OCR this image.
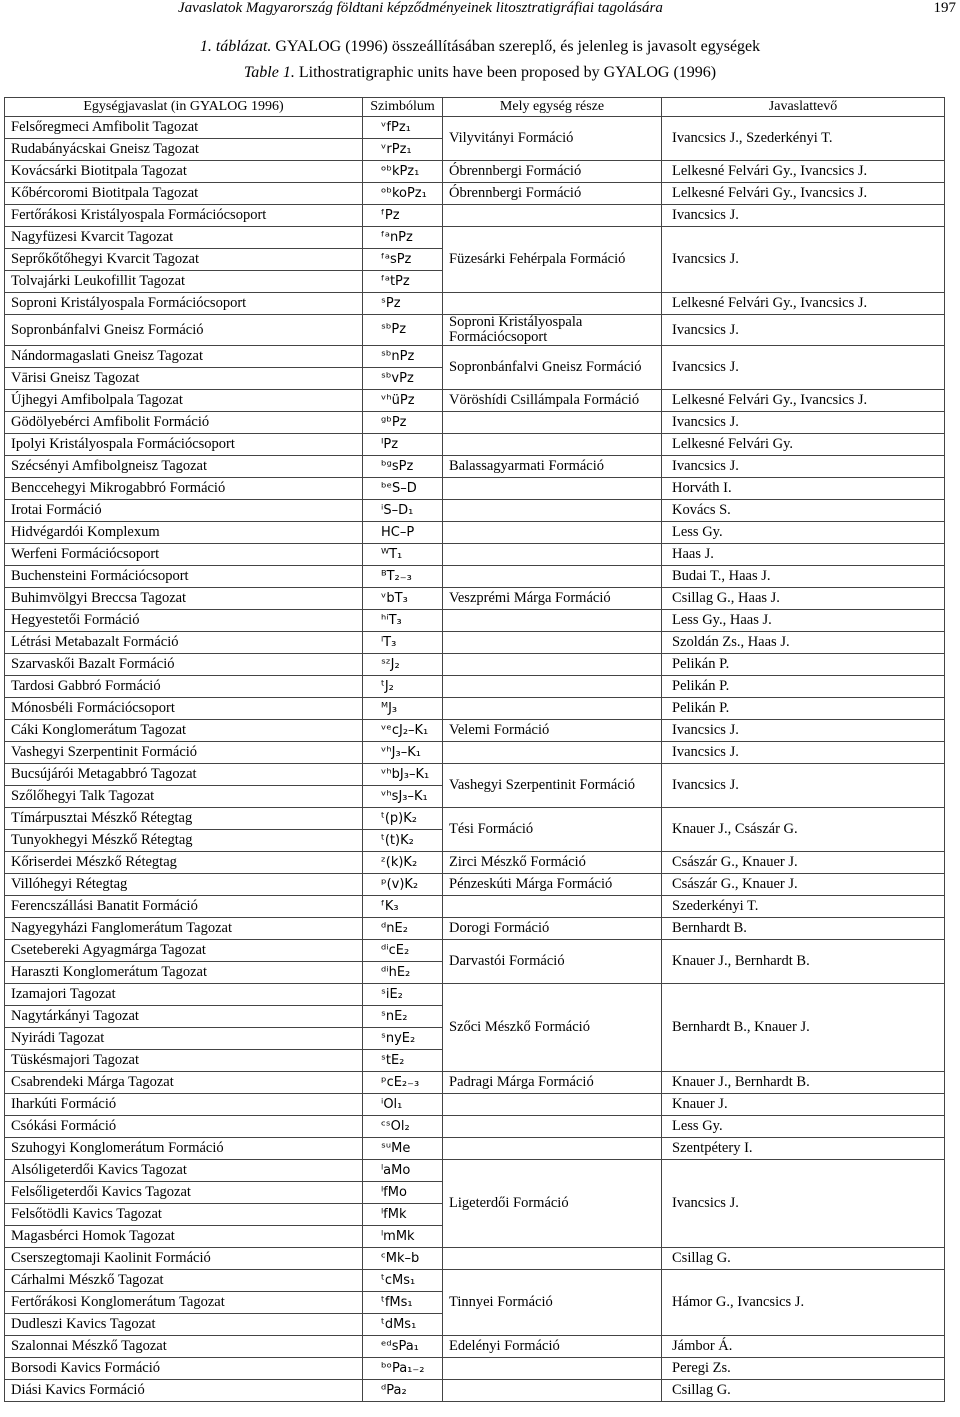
Javaslatok Magyarország földtani képződményeinek litosztratigráfiai tagolására	197
1. táblázat. GYALOG (1996) összeállításában szereplő, és jelenleg is javasolt egységek
Table 1. Lithostratigraphic units have been proposed by GYALOG (1996)
Egységjavaslat (in GYALOG 1996)	Szimbólum	Mely egység része	Javaslattevő
Felsőregmeci Amfibolit Tagozat	ᵛfPz₁	Vilyvitányi Formáció	Ivancsics J., Szederkényi T.
Rudabányácskai Gneisz Tagozat	ᵛrPz₁		
Kovácsárki Biotitpala Tagozat	ᵒᵇkPz₁	Óbrennbergi Formáció	Lelkesné Felvári Gy., Ivancsics J.
Kőbércoromi Biotitpala Tagozat	ᵒᵇkoPz₁	Óbrennbergi Formáció	Lelkesné Felvári Gy., Ivancsics J.
Fertőrákosi Kristályospala Formációcsoport	ᶠPz		Ivancsics J.
Nagyfüzesi Kvarcit Tagozat	ᶠᵃnPz	Füzesárki Fehérpala Formáció	Ivancsics J.
Seprőkőtőhegyi Kvarcit Tagozat	ᶠᵃsPz		
Tolvajárki Leukofillit Tagozat	ᶠᵃtPz		
Soproni Kristályospala Formációcsoport	ˢPz		Lelkesné Felvári Gy., Ivancsics J.
Sopronbánfalvi Gneisz Formáció	ˢᵇPz	Soproni Kristályospala Formációcsoport	Ivancsics J.
Nándormagaslati Gneisz Tagozat	ˢᵇnPz	Sopronbánfalvi Gneisz Formáció	Ivancsics J.
Vārisi Gneisz Tagozat	ˢᵇvPz		
Újhegyi Amfibolpala Tagozat	ᵛʰüPz	Vöröshídi Csillámpala Formáció	Lelkesné Felvári Gy., Ivancsics J.
Gödölyebérci Amfibolit Formáció	ᵍᵇPz		Ivancsics J.
Ipolyi Kristályospala Formációcsoport	ᴵPz		Lelkesné Felvári Gy.
Szécsényi Amfibolgneisz Tagozat	ᵇᵍsPz	Balassagyarmati Formáció	Ivancsics J.
Benccehegyi Mikrogabbró Formáció	ᵇᵉS–D		Horváth I.
Irotai Formáció	ⁱS–D₁		Kovács S.
Hidvégardói Komplexum	HC–P		Less Gy.
Werfeni Formációcsoport	ᵂT₁		Haas J.
Buchensteini Formációcsoport	ᴮT₂₋₃		Budai T., Haas J.
Buhimvölgyi Breccsa Tagozat	ᵛbT₃	Veszprémi Márga Formáció	Csillag G., Haas J.
Hegyestetői Formáció	ʰⁱT₃		Less Gy., Haas J.
Létrási Metabazalt Formáció	ˡT₃		Szoldán Zs., Haas J.
Szarvaskői Bazalt Formáció	ˢᶻJ₂		Pelikán P.
Tardosi Gabbró Formáció	ᵗJ₂		Pelikán P.
Mónosbéli Formációcsoport	ᴹJ₃		Pelikán P.
Cáki Konglomerátum Tagozat	ᵛᵉcJ₂–K₁	Velemi Formáció	Ivancsics J.
Vashegyi Szerpentinit Formáció	ᵛʰJ₃–K₁		Ivancsics J.
Bucsújárói Metagabbró Tagozat	ᵛʰbJ₃–K₁	Vashegyi Szerpentinit Formáció	Ivancsics J.
Szőlőhegyi Talk Tagozat	ᵛʰsJ₃–K₁		
Tímárpusztai Mészkő Rétegtag	ᵗ(p)K₂	Tési Formáció	Knauer J., Császár G.
Tunyokhegyi Mészkő Rétegtag	ᵗ(t)K₂		
Kőriserdei Mészkő Rétegtag	ᶻ(k)K₂	Zirci Mészkő Formáció	Császár G., Knauer J.
Villóhegyi Rétegtag	ᵖ(v)K₂	Pénzeskúti Márga Formáció	Császár G., Knauer J.
Ferencszállási Banatit Formáció	ᶠK₃		Szederkényi T.
Nagyegyházi Fanglomerátum Tagozat	ᵈnE₂	Dorogi Formáció	Bernhardt B.
Csetebereki Agyagmárga Tagozat	ᵈⁱcE₂	Darvastói Formáció	Knauer J., Bernhardt B.
Haraszti Konglomerátum Tagozat	ᵈⁱhE₂		
Izamajori Tagozat	ˢiE₂	Szőci Mészkő Formáció	Bernhardt B., Knauer J.
Nagytárkányi Tagozat	ˢnE₂		
Nyirádi Tagozat	ˢnyE₂		
Tüskésmajori Tagozat	ˢtE₂		
Csabrendeki Márga Tagozat	ᵖcE₂₋₃	Padragi Márga Formáció	Knauer J., Bernhardt B.
Iharkúti Formáció	ⁱOl₁		Knauer J.
Csókási Formáció	ᶜˢOl₂		Less Gy.
Szuhogyi Konglomerátum Formáció	ˢᵘMe		Szentpétery I.
Alsóligeterdői Kavics Tagozat	ˡaMo	Ligeterdői Formáció	Ivancsics J.
Felsőligeterdői Kavics Tagozat	ˡfMo		
Felsőtödli Kavics Tagozat	ˡfMk		
Magasbérci Homok Tagozat	ˡmMk		
Cserszegtomaji Kaolinit Formáció	ᶜMk–b		Csillag G.
Cárhalmi Mészkő Tagozat	ᵗcMs₁	Tinnyei Formáció	Hámor G., Ivancsics J.
Fertőrákosi Konglomerátum Tagozat	ᵗfMs₁		
Dudleszi Kavics Tagozat	ᵗdMs₁		
Szalonnai Mészkő Tagozat	ᵉᵈsPa₁	Edelényi Formáció	Jámbor Á.
Borsodi Kavics Formáció	ᵇᵒPa₁₋₂		Peregi Zs.
Diási Kavics Formáció	ᵈPa₂		Csillag G.
